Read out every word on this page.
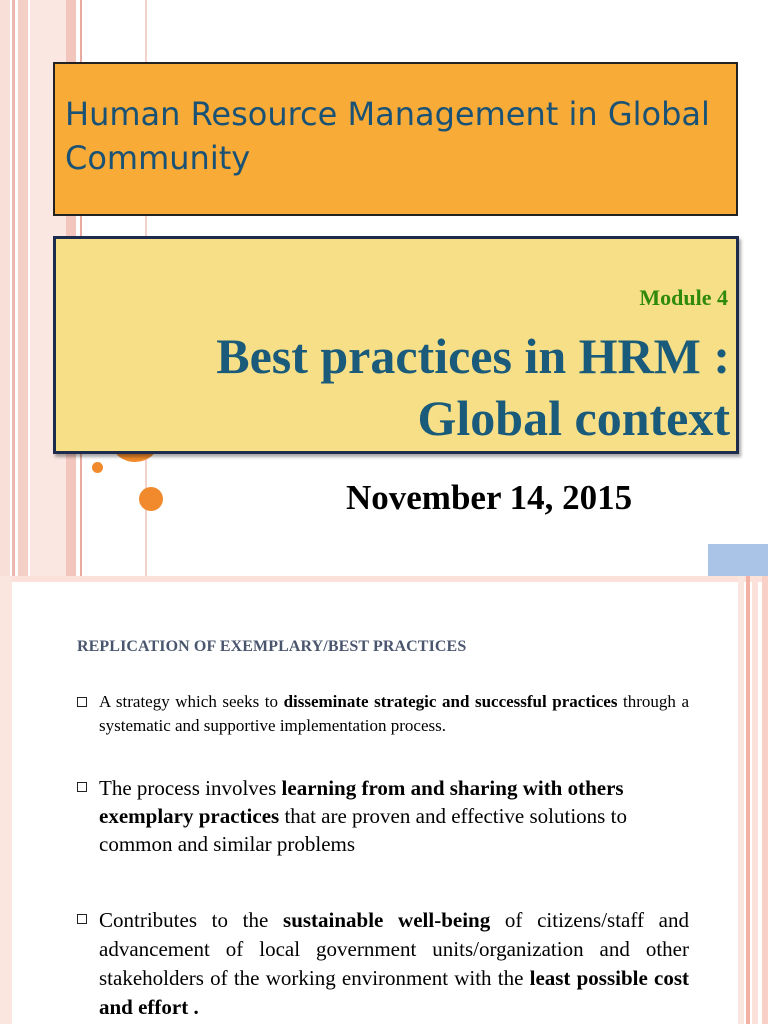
Human Resource Management in Global Community
Module 4
Best practices in HRM :
Global context
November 14, 2015
REPLICATION OF EXEMPLARY/BEST PRACTICES
A strategy which seeks to disseminate strategic and successful practices through a systematic and supportive implementation process.
The process involves learning from and sharing with others exemplary practices that are proven and effective solutions to common and similar problems
Contributes to the sustainable well-being of citizens/staff and advancement of local government units/organization and other stakeholders of the working environment with the least possible cost and effort .
